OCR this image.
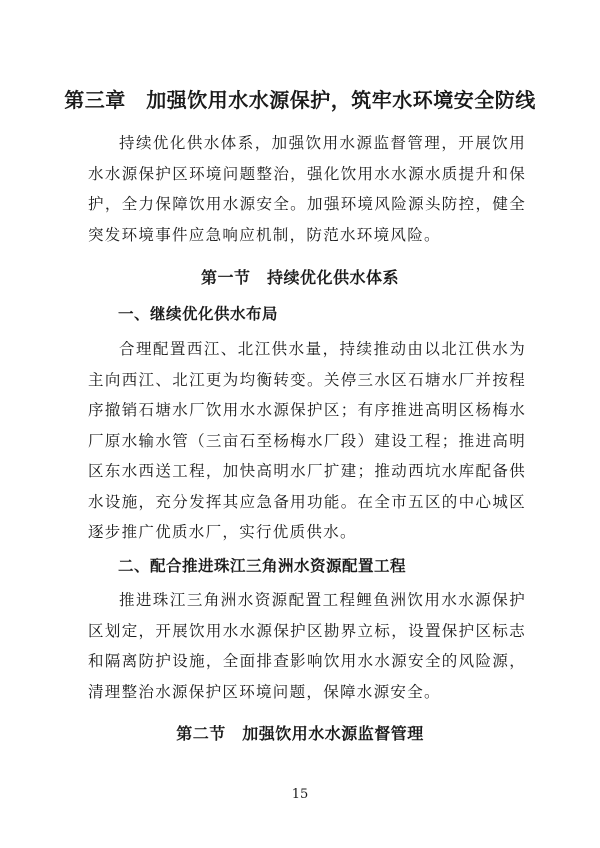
第三章　加强饮用水水源保护，筑牢水环境安全防线

持续优化供水体系，加强饮用水源监督管理，开展饮用水水源保护区环境问题整治，强化饮用水水源水质提升和保护，全力保障饮用水源安全。加强环境风险源头防控，健全突发环境事件应急响应机制，防范水环境风险。

第一节　持续优化供水体系
一、继续优化供水布局

合理配置西江、北江供水量，持续推动由以北江供水为主向西江、北江更为均衡转变。关停三水区石塘水厂并按程序撤销石塘水厂饮用水水源保护区；有序推进高明区杨梅水厂原水输水管（三亩石至杨梅水厂段）建设工程；推进高明区东水西送工程，加快高明水厂扩建；推动西坑水库配备供水设施，充分发挥其应急备用功能。在全市五区的中心城区逐步推广优质水厂，实行优质供水。

二、配合推进珠江三角洲水资源配置工程

推进珠江三角洲水资源配置工程鲤鱼洲饮用水水源保护区划定，开展饮用水水源保护区勘界立标，设置保护区标志和隔离防护设施，全面排查影响饮用水水源安全的风险源，清理整治水源保护区环境问题，保障水源安全。

第二节　加强饮用水水源监督管理
15
